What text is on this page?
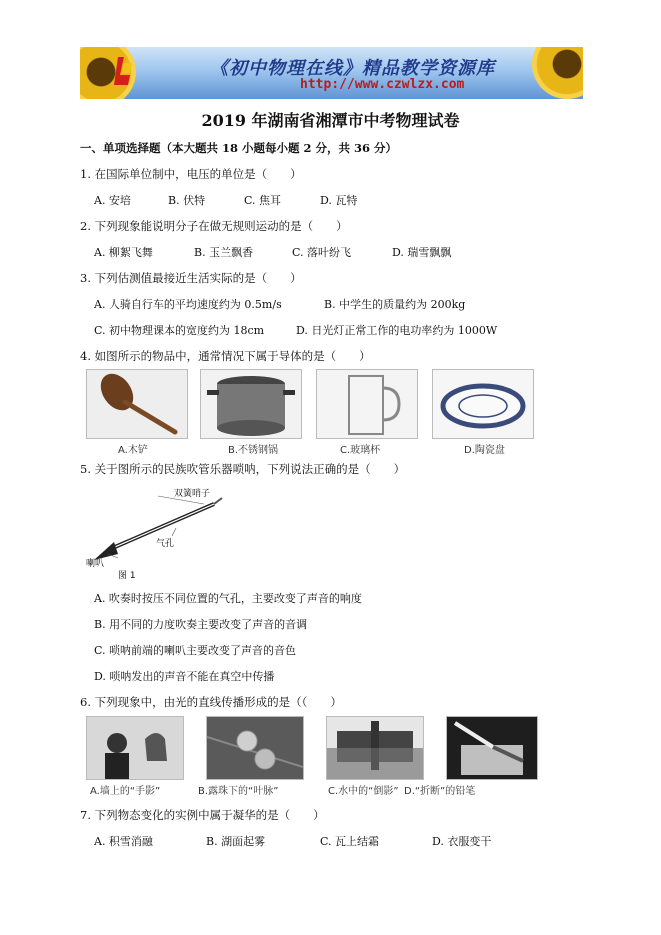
《初中物理在线》精品教学资源库
http://www.czwlzx.com
2019 年湖南省湘潭市中考物理试卷
一、单项选择题（本大题共 18 小题每小题 2 分，共 36 分）
1. 在国际单位制中，电压的单位是（　　）
A. 安培	B. 伏特	C. 焦耳	D. 瓦特
2. 下列现象能说明分子在做无规则运动的是（　　）
A. 柳絮飞舞	B. 玉兰飘香	C. 落叶纷飞	D. 瑞雪飘飘
3. 下列估测值最接近生活实际的是（　　）
A. 人骑自行车的平均速度约为 0.5m/s	B. 中学生的质量约为 200kg
C. 初中物理课本的宽度约为 18cm	D. 日光灯正常工作的电功率约为 1000W
4. 如图所示的物品中，通常情况下属于导体的是（　　）
A.木铲	B.不锈钢锅	C.玻璃杯	D.陶瓷盘
5. 关于图所示的民族吹管乐器唢呐，下列说法正确的是（　　）
双簧哨子
喇叭
气孔
图 1
A. 吹奏时按压不同位置的气孔，主要改变了声音的响度
B. 用不同的力度吹奏主要改变了声音的音调
C. 唢呐前端的喇叭主要改变了声音的音色
D. 唢呐发出的声音不能在真空中传播
6. 下列现象中，由光的直线传播形成的是（（　　）
A.墙上的“手影”	B.露珠下的“叶脉”	C.水中的“倒影” D.“折断”的铅笔
7. 下列物态变化的实例中属于凝华的是（　　）
A. 积雪消融	B. 湖面起雾	C. 瓦上结霜	D. 衣服变干
